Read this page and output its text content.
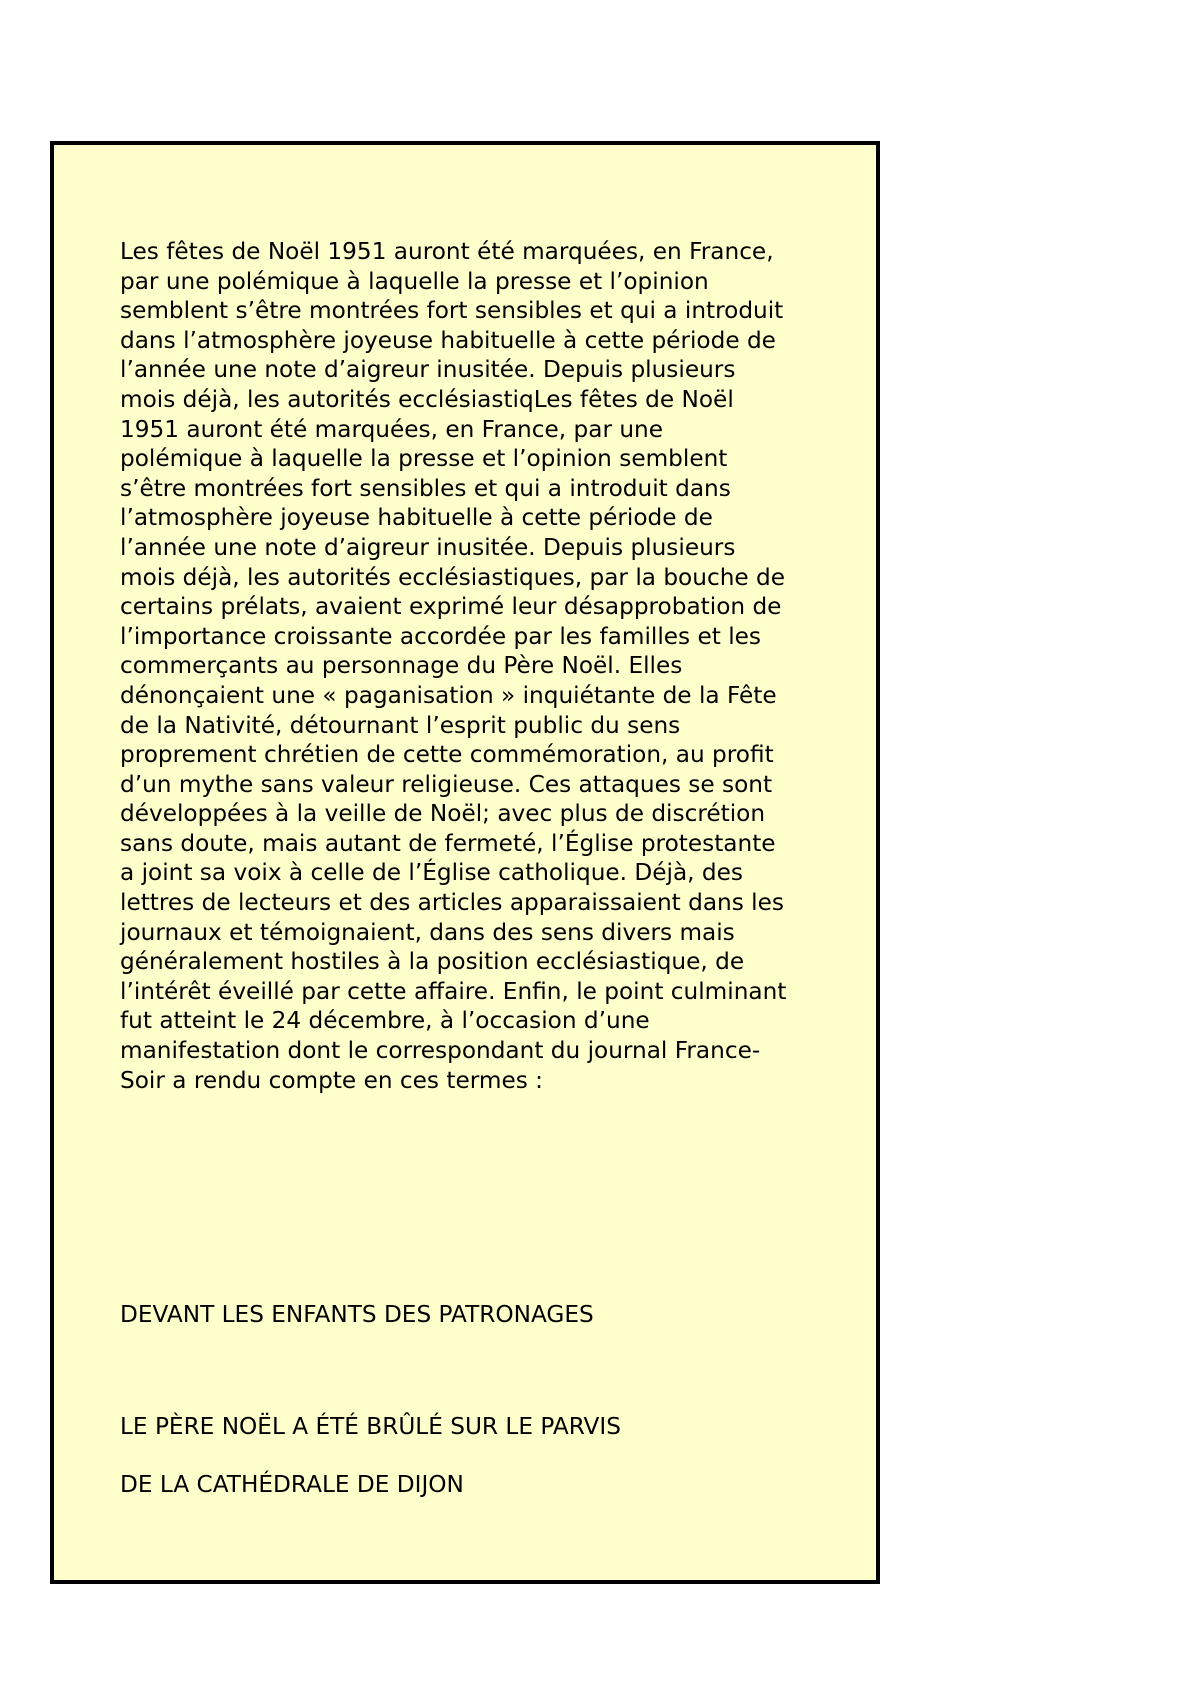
Les fêtes de Noël 1951 auront été marquées, en France,
par une polémique à laquelle la presse et l’opinion
semblent s’être montrées fort sensibles et qui a introduit
dans l’atmosphère joyeuse habituelle à cette période de
l’année une note d’aigreur inusitée. Depuis plusieurs
mois déjà, les autorités ecclésiastiqLes fêtes de Noël
1951 auront été marquées, en France, par une
polémique à laquelle la presse et l’opinion semblent
s’être montrées fort sensibles et qui a introduit dans
l’atmosphère joyeuse habituelle à cette période de
l’année une note d’aigreur inusitée. Depuis plusieurs
mois déjà, les autorités ecclésiastiques, par la bouche de
certains prélats, avaient exprimé leur désapprobation de
l’importance croissante accordée par les familles et les
commerçants au personnage du Père Noël. Elles
dénonçaient une « paganisation » inquiétante de la Fête
de la Nativité, détournant l’esprit public du sens
proprement chrétien de cette commémoration, au profit
d’un mythe sans valeur religieuse. Ces attaques se sont
développées à la veille de Noël; avec plus de discrétion
sans doute, mais autant de fermeté, l’Église protestante
a joint sa voix à celle de l’Église catholique. Déjà, des
lettres de lecteurs et des articles apparaissaient dans les
journaux et témoignaient, dans des sens divers mais
généralement hostiles à la position ecclésiastique, de
l’intérêt éveillé par cette affaire. Enfin, le point culminant
fut atteint le 24 décembre, à l’occasion d’une
manifestation dont le correspondant du journal France-
Soir a rendu compte en ces termes :

DEVANT LES ENFANTS DES PATRONAGES

LE PÈRE NOËL A ÉTÉ BRÛLÉ SUR LE PARVIS

DE LA CATHÉDRALE DE DIJON
